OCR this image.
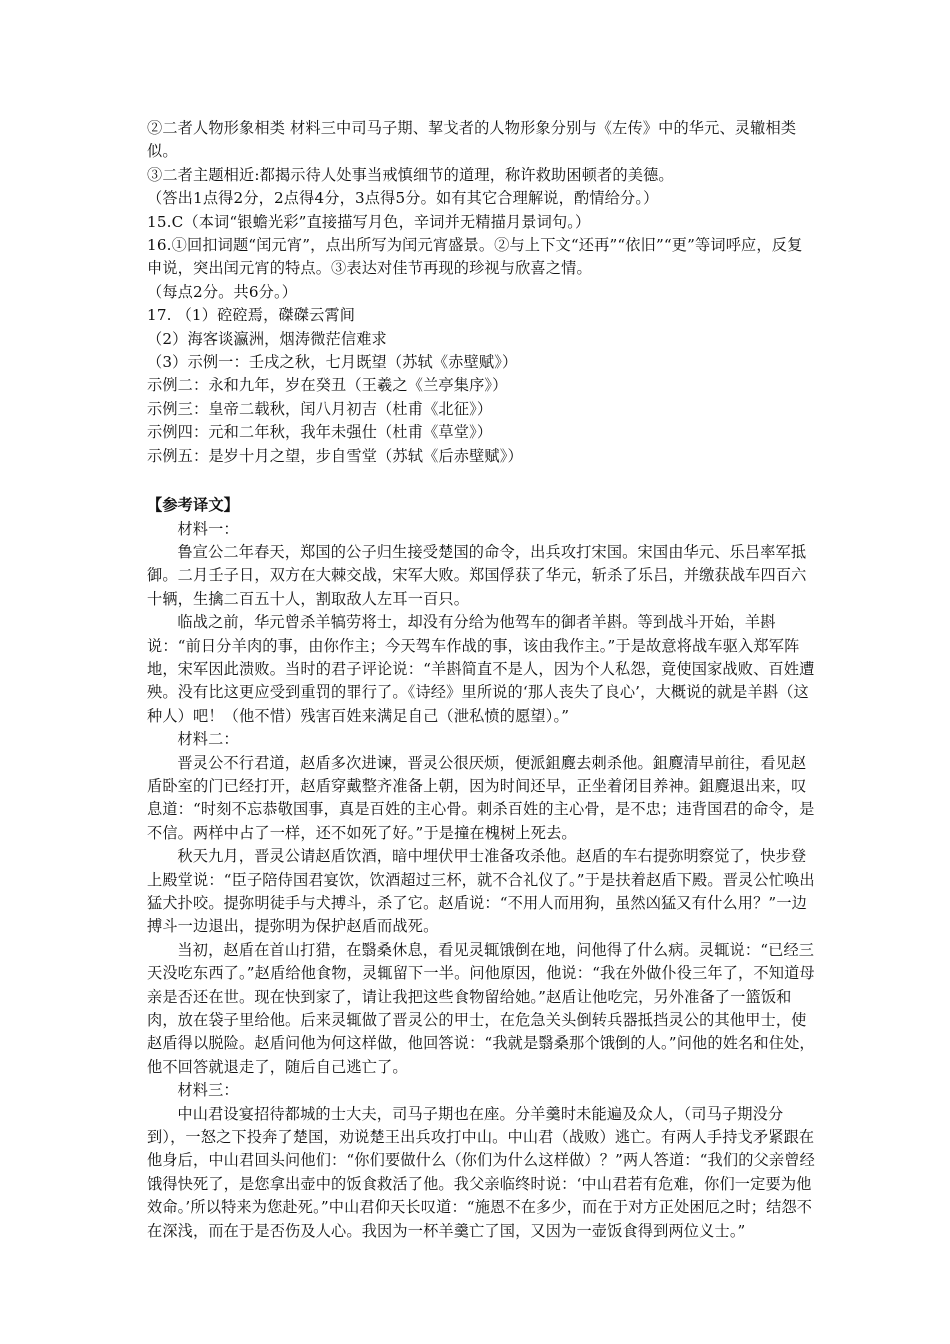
②二者人物形象相类 材料三中司马子期、挈戈者的人物形象分别与《左传》中的华元、灵辙相类似。

③二者主题相近:都揭示待人处事当戒慎细节的道理，称许救助困顿者的美德。

（答出1点得2分，2点得4分，3点得5分。如有其它合理解说，酌情给分。）

15.C（本词“银蟾光彩”直接描写月色，辛词并无精描月景词句。）

16.①回扣词题“闰元宵”，点出所写为闰元宵盛景。②与上下文“还再”“依旧”“更”等词呼应，反复申说，突出闰元宵的特点。③表达对佳节再现的珍视与欣喜之情。

（每点2分。共6分。）

17. （1）硿硿焉，磔磔云霄间

（2）海客谈瀛洲，烟涛微茫信难求

（3）示例一：壬戌之秋，七月既望（苏轼《赤壁赋》）

示例二：永和九年，岁在癸丑（王羲之《兰亭集序》）

示例三：皇帝二载秋，闰八月初吉（杜甫《北征》）

示例四：元和二年秋，我年未强仕（杜甫《草堂》）

示例五：是岁十月之望，步自雪堂（苏轼《后赤壁赋》）

【参考译文】

材料一：

鲁宣公二年春天，郑国的公子归生接受楚国的命令，出兵攻打宋国。宋国由华元、乐吕率军抵御。二月壬子日，双方在大棘交战，宋军大败。郑国俘获了华元，斩杀了乐吕，并缴获战车四百六十辆，生擒二百五十人，割取敌人左耳一百只。

临战之前，华元曾杀羊犒劳将士，却没有分给为他驾车的御者羊斟。等到战斗开始，羊斟说：“前日分羊肉的事，由你作主；今天驾车作战的事，该由我作主。”于是故意将战车驱入郑军阵地，宋军因此溃败。当时的君子评论说：“羊斟简直不是人，因为个人私怨，竟使国家战败、百姓遭殃。没有比这更应受到重罚的罪行了。《诗经》里所说的‘那人丧失了良心’，大概说的就是羊斟（这种人）吧！（他不惜）残害百姓来满足自己（泄私愤的愿望）。”

材料二：

晋灵公不行君道，赵盾多次进谏，晋灵公很厌烦，便派鉏麑去刺杀他。鉏麑清早前往，看见赵盾卧室的门已经打开，赵盾穿戴整齐准备上朝，因为时间还早，正坐着闭目养神。鉏麑退出来，叹息道：“时刻不忘恭敬国事，真是百姓的主心骨。刺杀百姓的主心骨，是不忠；违背国君的命令，是不信。两样中占了一样，还不如死了好。”于是撞在槐树上死去。

秋天九月，晋灵公请赵盾饮酒，暗中埋伏甲士准备攻杀他。赵盾的车右提弥明察觉了，快步登上殿堂说：“臣子陪侍国君宴饮，饮酒超过三杯，就不合礼仪了。”于是扶着赵盾下殿。晋灵公忙唤出猛犬扑咬。提弥明徒手与犬搏斗，杀了它。赵盾说：“不用人而用狗，虽然凶猛又有什么用？”一边搏斗一边退出，提弥明为保护赵盾而战死。

当初，赵盾在首山打猎，在翳桑休息，看见灵辄饿倒在地，问他得了什么病。灵辄说：“已经三天没吃东西了。”赵盾给他食物，灵辄留下一半。问他原因，他说：“我在外做仆役三年了，不知道母亲是否还在世。现在快到家了，请让我把这些食物留给她。”赵盾让他吃完，另外准备了一篮饭和肉，放在袋子里给他。后来灵辄做了晋灵公的甲士，在危急关头倒转兵器抵挡灵公的其他甲士，使赵盾得以脱险。赵盾问他为何这样做，他回答说：“我就是翳桑那个饿倒的人。”问他的姓名和住处，他不回答就退走了，随后自己逃亡了。

材料三：

中山君设宴招待都城的士大夫，司马子期也在座。分羊羹时未能遍及众人，（司马子期没分到），一怒之下投奔了楚国，劝说楚王出兵攻打中山。中山君（战败）逃亡。有两人手持戈矛紧跟在他身后，中山君回头问他们：“你们要做什么（你们为什么这样做）？”两人答道：“我们的父亲曾经饿得快死了，是您拿出壶中的饭食救活了他。我父亲临终时说：‘中山君若有危难，你们一定要为他效命。’所以特来为您赴死。”中山君仰天长叹道：“施恩不在多少，而在于对方正处困厄之时；结怨不在深浅，而在于是否伤及人心。我因为一杯羊羹亡了国，又因为一壶饭食得到两位义士。”
